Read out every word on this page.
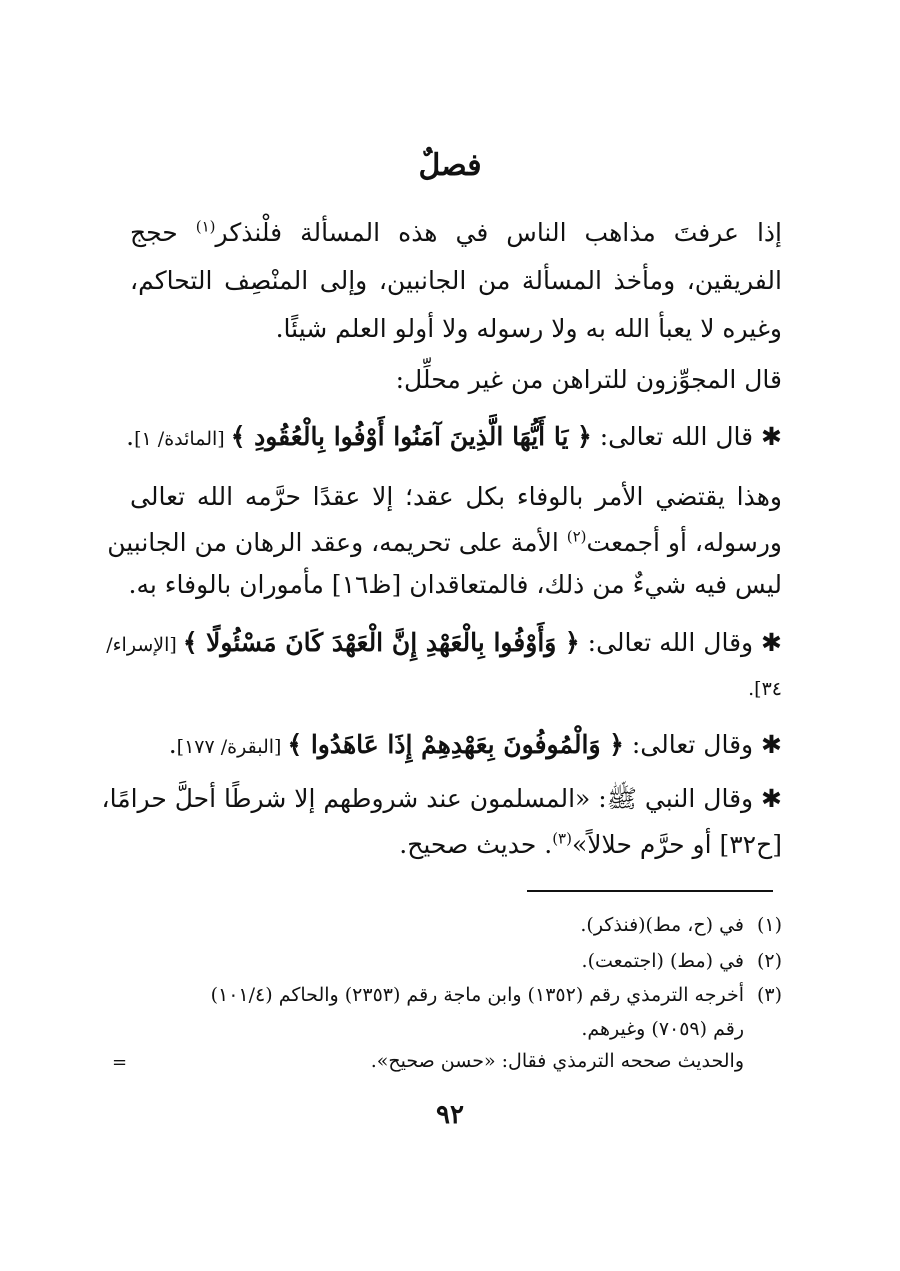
فصلٌ
إذا عرفتَ مذاهب الناس في هذه المسألة فلْنذكر$^{(١)}$ حجج
الفريقين، ومأخذ المسألة من الجانبين، وإلى المنْصِف التحاكم،
وغيره لا يعبأ الله به ولا رسوله ولا أولو العلم شيئًا.
قال المجوِّزون للتراهن من غير محلِّل:
✱ قال الله تعالى: ﴿ يَا أَيُّهَا الَّذِينَ آمَنُوا أَوْفُوا بِالْعُقُودِ ﴾ [المائدة/ ١].
وهذا يقتضي الأمر بالوفاء بكل عقد؛ إلا عقدًا حرَّمه الله تعالى
ورسوله، أو أجمعت$^{(٢)}$ الأمة على تحريمه، وعقد الرهان من الجانبين
ليس فيه شيءٌ من ذلك، فالمتعاقدان [ظ١٦] مأموران بالوفاء به.
✱ وقال الله تعالى: ﴿ وَأَوْفُوا بِالْعَهْدِ إِنَّ الْعَهْدَ كَانَ مَسْئُولًا ﴾ [الإسراء/
٣٤].
✱ وقال تعالى: ﴿ وَالْمُوفُونَ بِعَهْدِهِمْ إِذَا عَاهَدُوا ﴾ [البقرة/ ١٧٧].
✱ وقال النبي ﷺ: «المسلمون عند شروطهم إلا شرطًا أحلَّ حرامًا،
[ح٣٢] أو حرَّم حلالاً»$^{(٣)}$. حديث صحيح.
(١)في (ح، مط)(فنذكر).
(٢)في (مط) (اجتمعت).
(٣)أخرجه الترمذي رقم (١٣٥٢) وابن ماجة رقم (٢٣٥٣) والحاكم (١٠١/٤)
رقم (٧٠٥٩) وغيرهم.
والحديث صححه الترمذي فقال: «حسن صحيح».
=
٩٢
